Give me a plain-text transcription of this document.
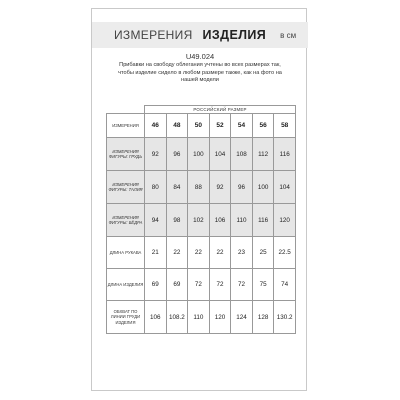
ИЗМЕРЕНИЯ ИЗДЕЛИЯ в см
U49.024
Прибавки на свободу облегания учтены во всех размерах так,
чтобы изделие сидело в любом размере также, как на фото на
нашей модели
	РОССИЙСКИЙ РАЗМЕР						
ИЗМЕРЕНИЯ	46	48	50	52	54	56	58
ИЗМЕРЕНИЯ ФИГУРЫ: ГРУДЬ	92	96	100	104	108	112	116
ИЗМЕРЕНИЯ ФИГУРЫ: ТАЛИЯ	80	84	88	92	96	100	104
ИЗМЕРЕНИЯ ФИГУРЫ: БЁДРА	94	98	102	106	110	116	120
ДЛИНА РУКАВА	21	22	22	22	23	25	22.5
ДЛИНА ИЗДЕЛИЯ	69	69	72	72	72	75	74
ОБХВАТ ПО ЛИНИИ ГРУДИ ИЗДЕЛИЯ	106	108.2	110	120	124	128	130.2
